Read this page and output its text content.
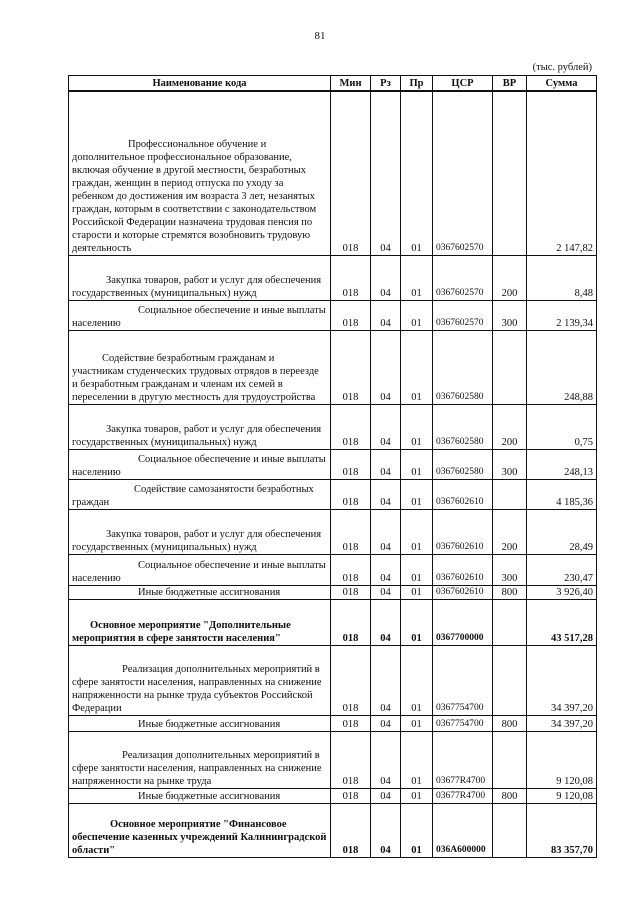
81
(тыс. рублей)
Наименование кода	Мин	Рз	Пр	ЦСР	ВР	Сумма
Профессиональное обучение и дополнительное профессиональное образование, включая обучение в другой местности, безработных граждан, женщин в период отпуска по уходу за ребенком до достижения им возраста 3 лет, незанятых граждан, которым в соответствии с законодательством Российской Федерации назначена трудовая пенсия по старости и которые стремятся возобновить трудовую деятельность	018	04	01	0367602570		2 147,82
Закупка товаров, работ и услуг для обеспечения государственных (муниципальных) нужд	018	04	01	0367602570	200	8,48
Социальное обеспечение и иные выплаты населению	018	04	01	0367602570	300	2 139,34
Содействие безработным гражданам и участникам студенческих трудовых отрядов в переезде и безработным гражданам и членам их семей в переселении в другую местность для трудоустройства	018	04	01	0367602580		248,88
Закупка товаров, работ и услуг для обеспечения государственных (муниципальных) нужд	018	04	01	0367602580	200	0,75
Социальное обеспечение и иные выплаты населению	018	04	01	0367602580	300	248,13
Содействие самозанятости безработных граждан	018	04	01	0367602610		4 185,36
Закупка товаров, работ и услуг для обеспечения государственных (муниципальных) нужд	018	04	01	0367602610	200	28,49
Социальное обеспечение и иные выплаты населению	018	04	01	0367602610	300	230,47
Иные бюджетные ассигнования	018	04	01	0367602610	800	3 926,40
Основное мероприятие "Дополнительные мероприятия в сфере занятости населения"	018	04	01	0367700000		43 517,28
Реализация дополнительных мероприятий в сфере занятости населения, направленных на снижение напряженности на рынке труда субъектов Российской Федерации	018	04	01	0367754700		34 397,20
Иные бюджетные ассигнования	018	04	01	0367754700	800	34 397,20
Реализация дополнительных мероприятий в сфере занятости населения, направленных на снижение напряженности на рынке труда	018	04	01	03677R4700		9 120,08
Иные бюджетные ассигнования	018	04	01	03677R4700	800	9 120,08
Основное мероприятие "Финансовое обеспечение казенных учреждений Калининградской области"	018	04	01	036А600000		83 357,70
